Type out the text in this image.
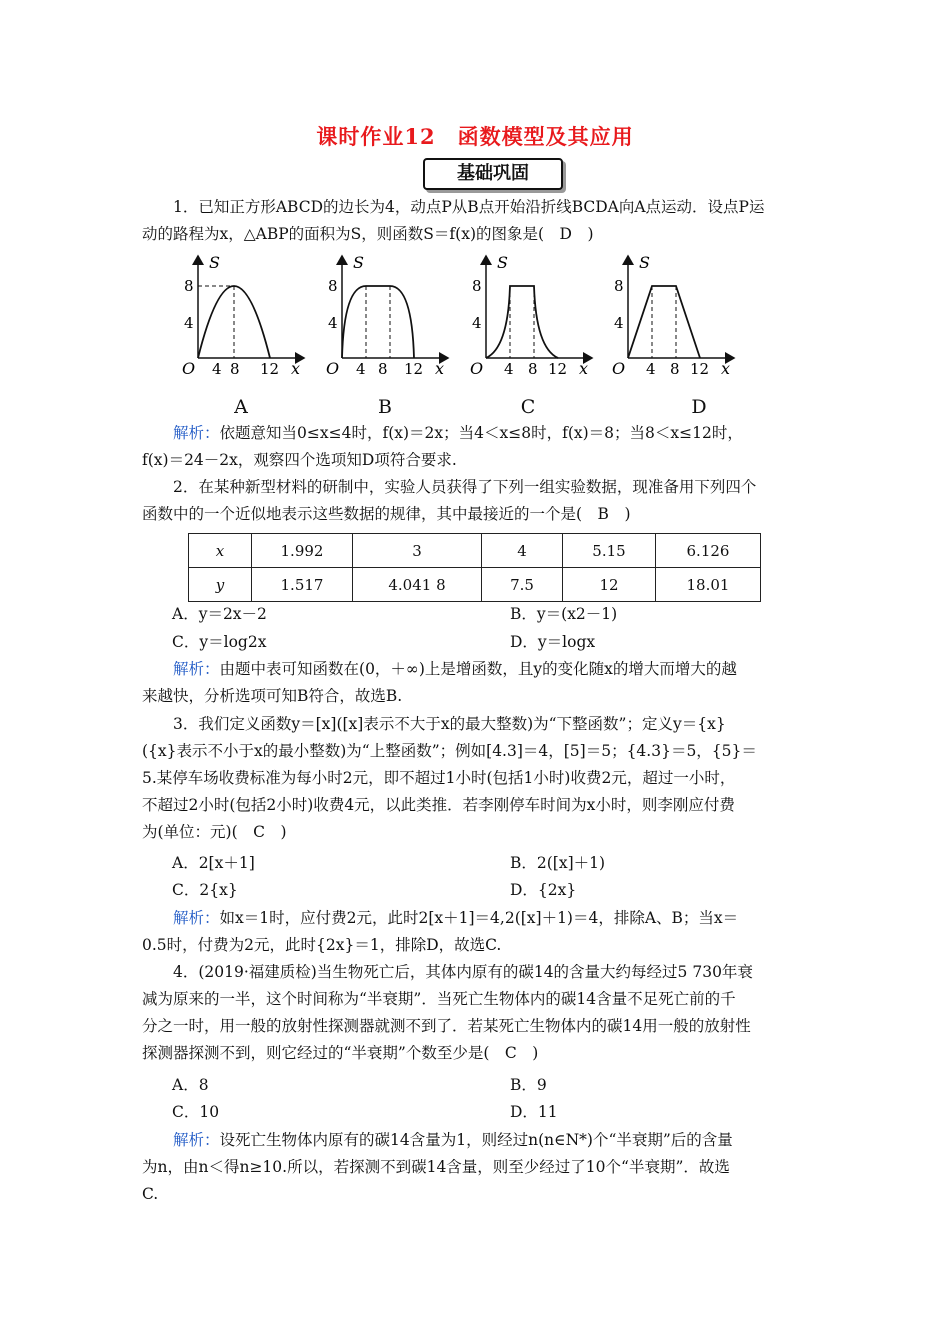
课时作业12　函数模型及其应用
基础巩固
1．已知正方形ABCD的边长为4，动点P从B点开始沿折线BCDA向A点运动．设点P运
动的路程为x，△ABP的面积为S，则函数S＝f(x)的图象是(　D　)
S
x
O
8
4
4 8 12
S
x
O
8
4
4 8 12
S
x
O
8
4
4 8 12
S
x
O
8
4
4 8 12
A	B	C	D
解析：依题意知当0≤x≤4时，f(x)＝2x；当4＜x≤8时，f(x)＝8；当8＜x≤12时，
f(x)＝24－2x，观察四个选项知D项符合要求.
2．在某种新型材料的研制中，实验人员获得了下列一组实验数据，现准备用下列四个
函数中的一个近似地表示这些数据的规律，其中最接近的一个是(　B　)
x	1.992	3	4	5.15	6.126
y	1.517	4.041 8	7.5	12	18.01
A．y＝2x－2	B．y＝(x2－1)
C．y＝log2x	D．y＝logx
解析：由题中表可知函数在(0，＋∞)上是增函数，且y的变化随x的增大而增大的越
来越快，分析选项可知B符合，故选B.
3．我们定义函数y＝[x]([x]表示不大于x的最大整数)为“下整函数”；定义y＝{x}
({x}表示不小于x的最小整数)为“上整函数”；例如[4.3]＝4，[5]＝5；{4.3}＝5，{5}＝
5.某停车场收费标准为每小时2元，即不超过1小时(包括1小时)收费2元，超过一小时，
不超过2小时(包括2小时)收费4元，以此类推．若李刚停车时间为x小时，则李刚应付费
为(单位：元)(　C　)
A．2[x＋1]	B．2([x]＋1)
C．2{x}	D．{2x}
解析：如x＝1时，应付费2元，此时2[x＋1]＝4,2([x]＋1)＝4，排除A、B；当x＝
0.5时，付费为2元，此时{2x}＝1，排除D，故选C.
4．(2019·福建质检)当生物死亡后，其体内原有的碳14的含量大约每经过5 730年衰
减为原来的一半，这个时间称为“半衰期”．当死亡生物体内的碳14含量不足死亡前的千
分之一时，用一般的放射性探测器就测不到了．若某死亡生物体内的碳14用一般的放射性
探测器探测不到，则它经过的“半衰期”个数至少是(　C　)
A．8	B．9
C．10	D．11
解析：设死亡生物体内原有的碳14含量为1，则经过n(n∈N*)个“半衰期”后的含量
为n，由n＜得n≥10.所以，若探测不到碳14含量，则至少经过了10个“半衰期”．故选
C.
